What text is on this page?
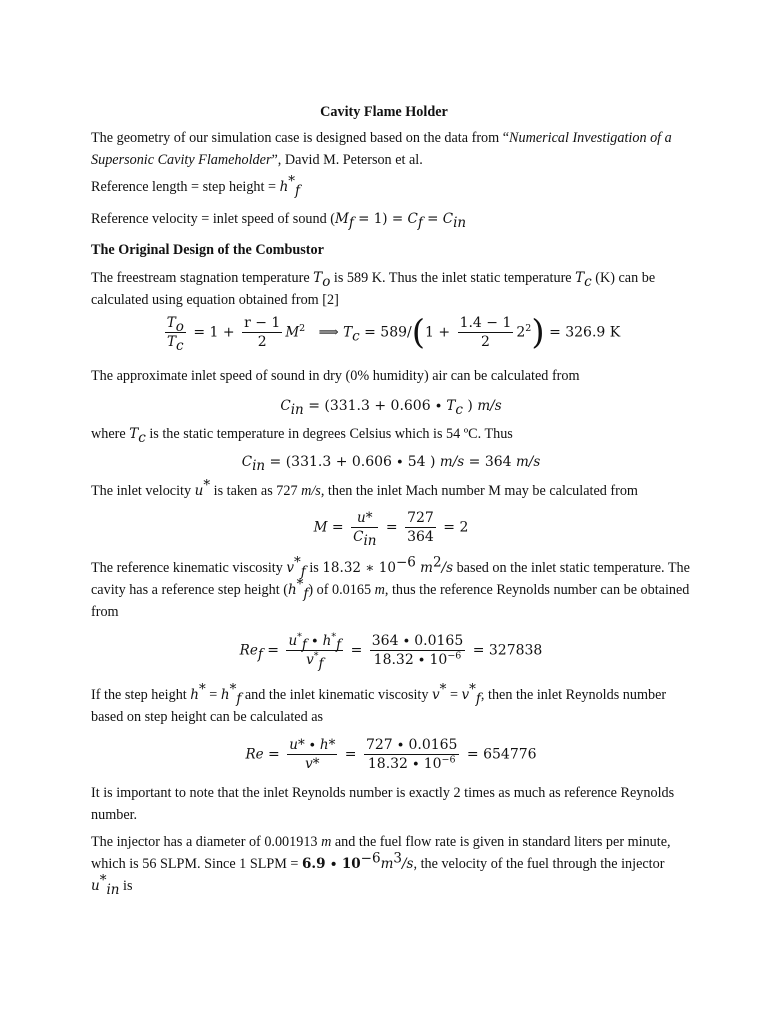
Cavity Flame Holder
The geometry of our simulation case is designed based on the data from “Numerical Investigation of a Supersonic Cavity Flameholder”, David M. Peterson et al.
Reference length = step height = $h^*_f$
Reference velocity = inlet speed of sound $(M_f = 1) = C_f = C_{in}$
The Original Design of the Combustor
The freestream stagnation temperature $T_o$ is 589 K. Thus the inlet static temperature $T_c$ (K) can be calculated using equation obtained from [2]
$\frac{T_o}{T_c} = 1 + \frac{r - 1}{2} M^2$ ⟹ $T_c = 589/(1 + \frac{1.4 - 1}{2} 2^2) = 326.9$ K
The approximate inlet speed of sound in dry (0% humidity) air can be calculated from
$C_{in} = (331.3 + 0.606 \cdot T_c$ ) m/s
where $T_c$ is the static temperature in degrees Celsius which is 54 ºC. Thus
$C_{in} = (331.3 + 0.606 \cdot 54$ ) m/s = 364 m/s
The inlet velocity u* is taken as 727 m/s, then the inlet Mach number M may be calculated from
$M = \frac{u*}{C_{in}} = \frac{727}{364} = 2$
The reference kinematic viscosity $v^*_f$ is 18.32 ∗ $10^{-6}$ $m^2/s$ based on the inlet static temperature. The cavity has a reference step height $(h^*_f)$ of 0.0165 m, thus the reference Reynolds number can be obtained from
$Re_f = \frac{u^*_f \cdot h^*_f}{v^*_f} = \frac{364 \cdot 0.0165}{18.32 \cdot 10^{-6}} = 327838$
If the step height $h^* = h^*_f$ and the inlet kinematic viscosity $v^* = v^*_f$, then the inlet Reynolds number based on step height can be calculated as
$Re = \frac{u* \cdot h*}{v*} = \frac{727 \cdot 0.0165}{18.32 \cdot 10^{-6}} = 654776$
It is important to note that the inlet Reynolds number is exactly 2 times as much as reference Reynolds number.
The injector has a diameter of 0.001913 m and the fuel flow rate is given in standard liters per minute, which is 56 SLPM. Since 1 SLPM = $6.9 \cdot 10^{-6}m^3/s$, the velocity of the fuel through the injector $u^*_{in}$ is
